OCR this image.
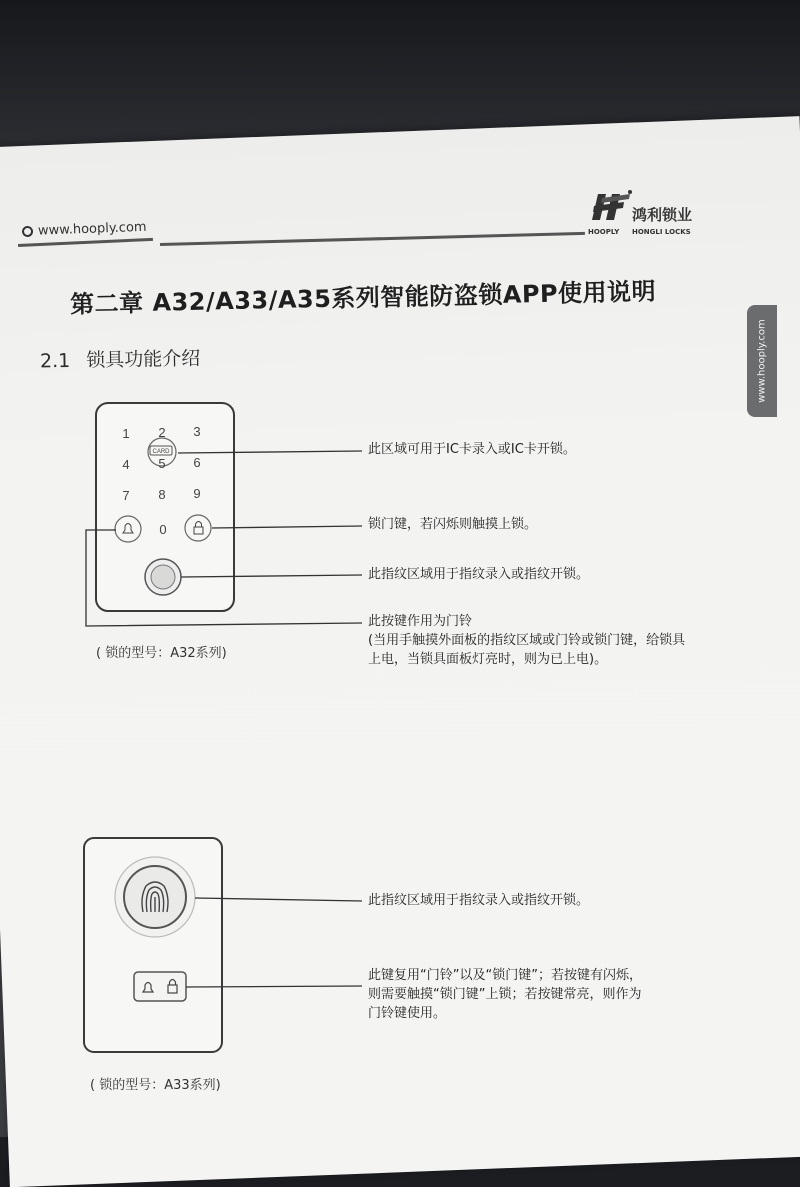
www.hooply.com
鸿利锁业
HOOPLY HONGLI LOCKS
www.hooply.com
第二章 A32/A33/A35系列智能防盗锁APP使用说明
2.1 锁具功能介绍
1 2 3
CARD
4 5 6
7 8 9
0
此区域可用于IC卡录入或IC卡开锁。
锁门键，若闪烁则触摸上锁。
此指纹区域用于指纹录入或指纹开锁。
此按键作用为门铃
(当用手触摸外面板的指纹区域或门铃或锁门键，给锁具
上电，当锁具面板灯亮时，则为已上电)。
( 锁的型号：A32系列)
此指纹区域用于指纹录入或指纹开锁。
此键复用“门铃”以及“锁门键”；若按键有闪烁，
则需要触摸“锁门键”上锁；若按键常亮，则作为
门铃键使用。
( 锁的型号：A33系列)
